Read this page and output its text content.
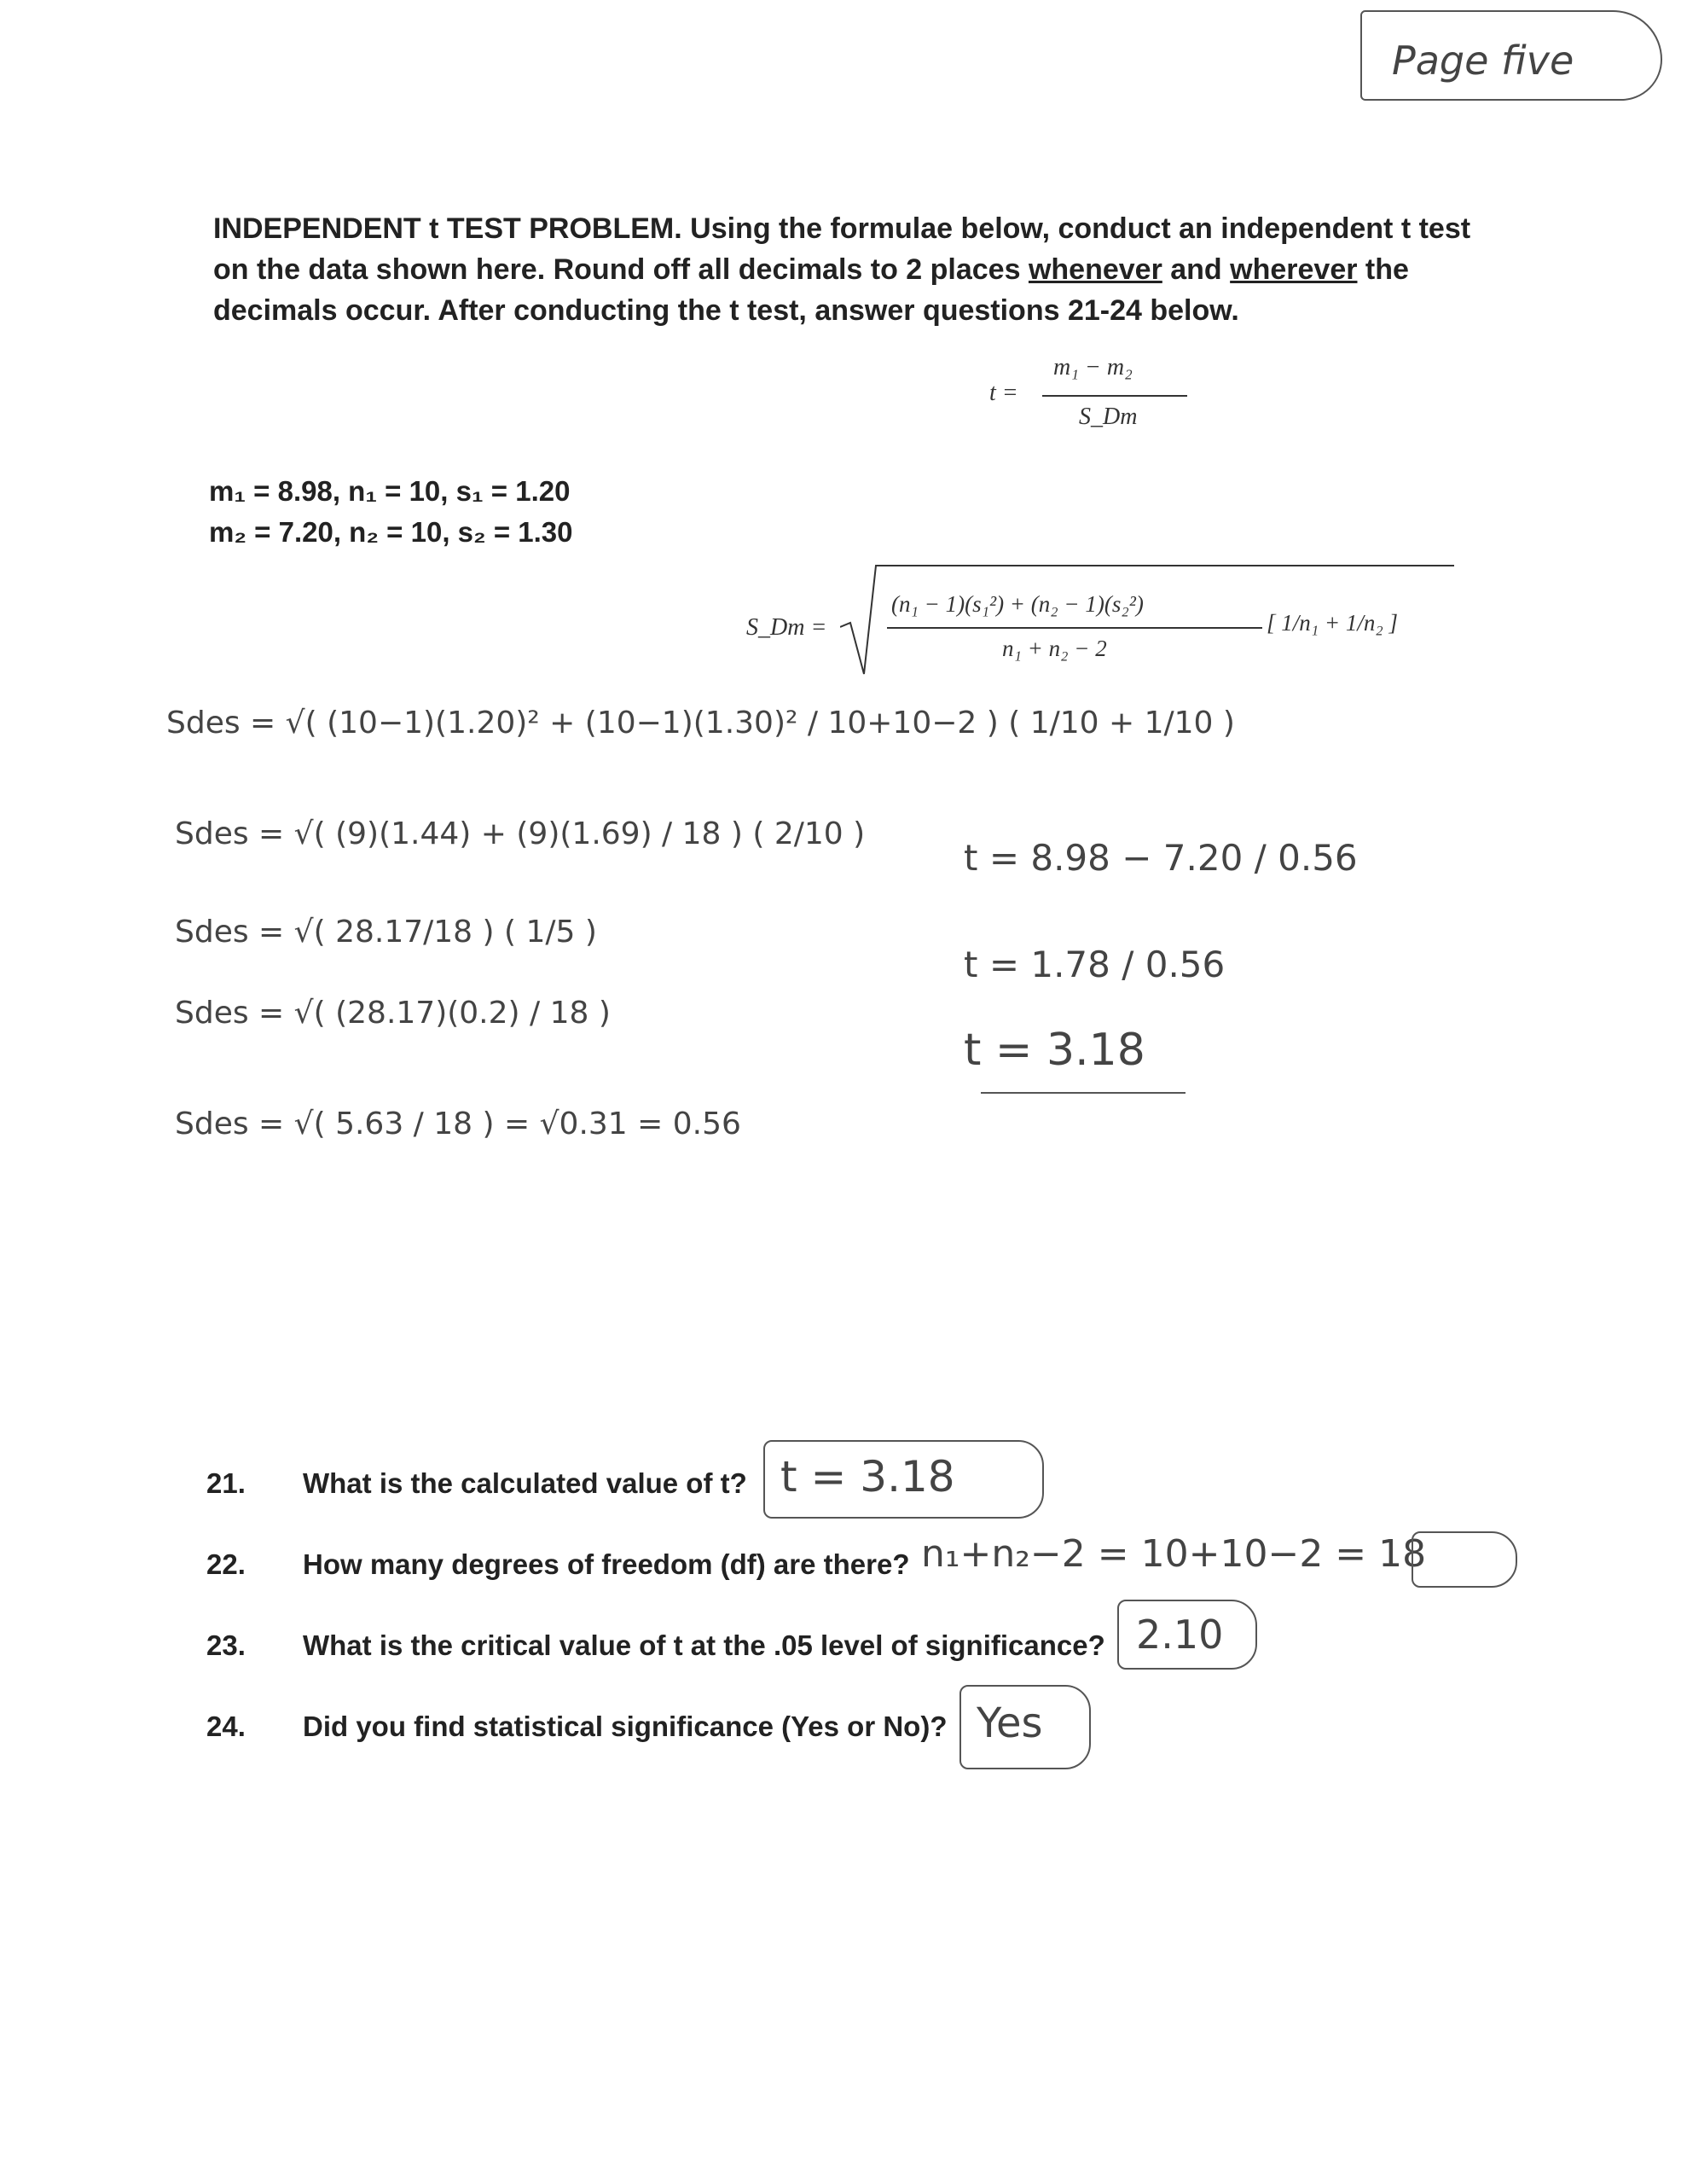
Page five
INDEPENDENT t TEST PROBLEM. Using the formulae below, conduct an independent t test on the data shown here. Round off all decimals to 2 places whenever and wherever the decimals occur. After conducting the t test, answer questions 21-24 below.
t =
m₁ − m₂
S_Dm
m₁ = 8.98, n₁ = 10, s₁ = 1.20
m₂ = 7.20, n₂ = 10, s₂ = 1.30
S_Dm =
(n₁ − 1)(s₁²) + (n₂ − 1)(s₂²)
n₁ + n₂ − 2
[ 1/n₁ + 1/n₂ ]
Sdes = √( (10−1)(1.20)² + (10−1)(1.30)² / 10+10−2 ) ( 1/10 + 1/10 )
Sdes = √( (9)(1.44) + (9)(1.69) / 18 ) ( 2/10 )
Sdes = √( 28.17/18 ) ( 1/5 )
Sdes = √( (28.17)(0.2) / 18 )
Sdes = √( 5.63 / 18 ) = √0.31 = 0.56
t = 8.98 − 7.20 / 0.56
t = 1.78 / 0.56
t = 3.18
21. What is the calculated value of t? t = 3.18
22. How many degrees of freedom (df) are there? n₁+n₂−2 = 10+10−2 = 18
23. What is the critical value of t at the .05 level of significance? 2.10
24. Did you find statistical significance (Yes or No)? Yes
